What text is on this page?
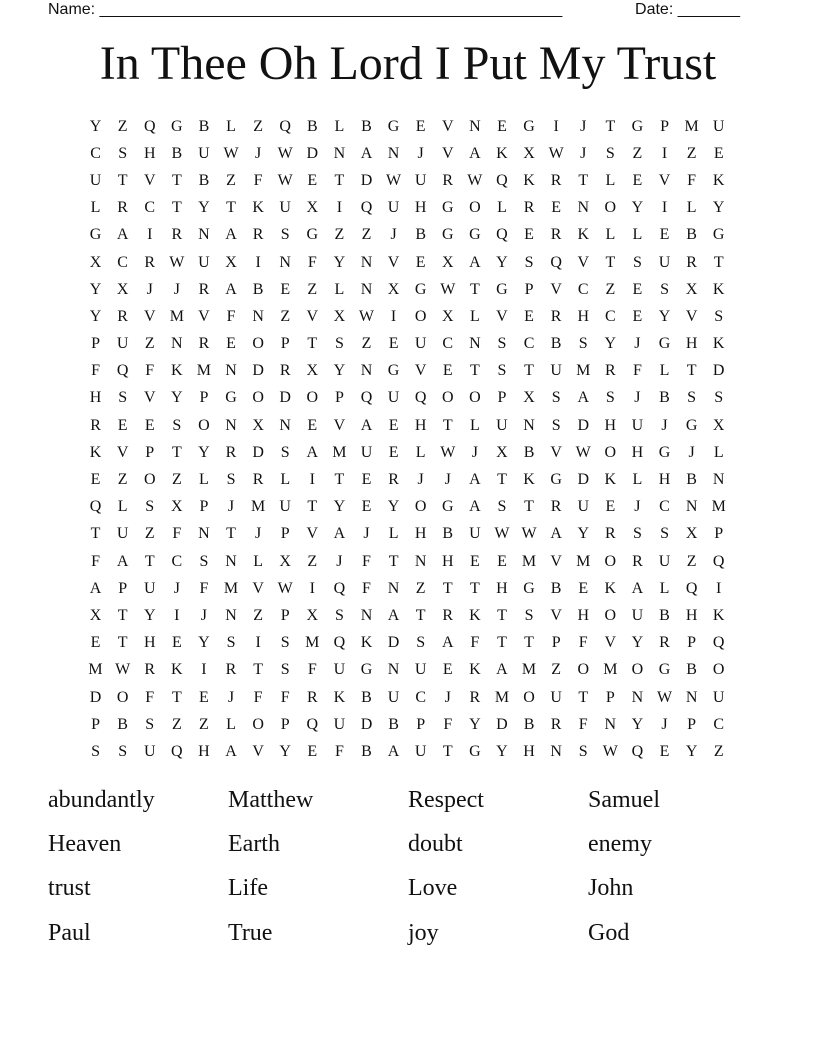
Name: ____________________________________________________	Date: _______
In Thee Oh Lord I Put My Trust
Y	Z	Q G B	L	Z	Q B	L	B G	E	V N	E	G	I	J	T	G	P M U
C	S	H B U W	J	W D N A N	J	V A K X W	J	S	Z	I	Z	E
U	T	V	T	B	Z	F W E	T	D W U R W Q K R	T	L	E	V	F	K
L	R	C	T	Y	T	K U X	I	Q U H G O	L	R	E	N O Y	I	L	Y
G A	I	R N A R	S	G	Z	Z	J	B G G Q	E	R K	L	L	E	B G
X C	R W U X	I	N	F	Y N V	E	X A Y	S	Q V	T	S	U R	T
Y X	J	J	R A B	E	Z	L	N X G W T	G	P	V C	Z	E	S	X K
Y R V M V	F	N	Z	V X W	I	O X	L	V	E	R H C	E	Y V	S
P	U	Z	N R	E	O	P	T	S	Z	E	U C N	S	C	B	S	Y	J	G H K
F	Q	F	K M N D R X Y N G V	E	T	S	T	U M R	F	L	T	D
H	S	V Y	P	G O D O	P	Q U Q O O	P	X	S	A	S	J	B	S	S
R	E	E	S	O N X N	E	V A	E	H	T	L	U N	S	D H U	J	G X
K V	P	T	Y R D	S	A M U	E	L W	J	X B V W O H G	J	L
E	Z	O	Z	L	S	R	L	I	T	E	R	J	J	A	T	K G D K	L	H B N
Q	L	S	X	P	J	M U	T	Y	E	Y O G A	S	T	R U	E	J	C N M
T	U	Z	F	N	T	J	P	V A	J	L	H B U W W A Y R	S	S	X	P
F	A	T	C	S	N	L	X	Z	J	F	T	N H	E	E M V M O R U	Z	Q
A	P	U	J	F M V W	I	Q	F	N	Z	T	T	H G B	E	K A	L	Q	I
X	T	Y	I	J	N	Z	P	X	S	N A	T	R K	T	S	V H O U B H K
E	T	H	E	Y	S	I	S M Q K D	S	A	F	T	T	P	F	V Y R	P	Q
M W R K	I	R	T	S	F	U G N U	E	K A M Z	O M O G B O
D O	F	T	E	J	F	F	R K B U C	J	R M O U	T	P	N W N U
P	B	S	Z	Z	L	O	P	Q U D B	P	F	Y D B	R	F	N Y	J	P	C
S	S	U Q H A V Y	E	F	B A U	T	G Y H N	S W Q	E	Y	Z
abundantly	Matthew	Respect	Samuel
Heaven	Earth	doubt	enemy
trust	Life	Love	John
Paul	True	joy	God
